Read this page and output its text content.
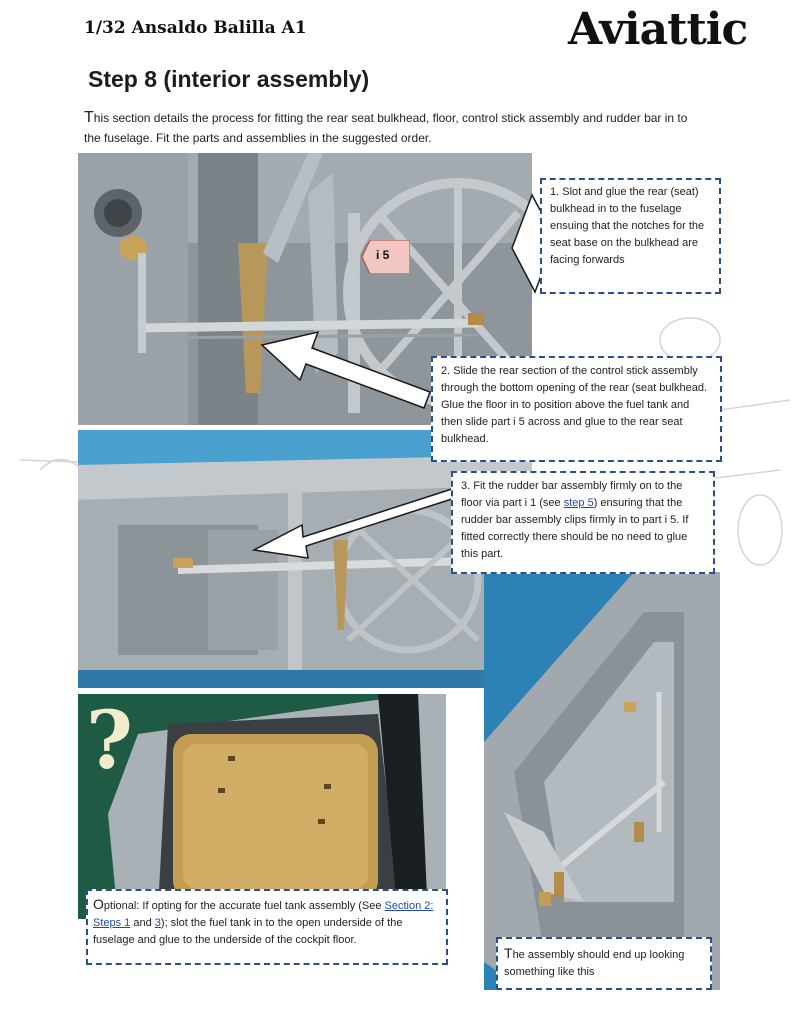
1/32 Ansaldo Balilla A1	Aviattic
Step 8 (interior assembly)
This section details the process for fitting the rear seat bulkhead, floor, control stick assembly and rudder bar in to the fuselage. Fit the parts and assemblies in the suggested order.
i 5
?
1. Slot and glue the rear (seat) bulkhead in to the fuselage ensuing that the notches for the seat base on the bulkhead are facing forwards
2. Slide the rear section of the control stick assembly through the bottom opening of the rear (seat bulkhead. Glue the floor in to position above the fuel tank and then slide part i 5 across and glue to the rear seat bulkhead.
3. Fit the rudder bar assembly firmly on to the floor via part i 1 (see step 5) ensuring that the rudder bar assembly clips firmly in to part i 5. If fitted correctly there should be no need to glue this part.
Optional: If opting for the accurate fuel tank assembly (See Section 2: Steps 1 and 3); slot the fuel tank in to the open underside of the fuselage and glue to the underside of the cockpit floor.
The assembly should end up looking something like this
